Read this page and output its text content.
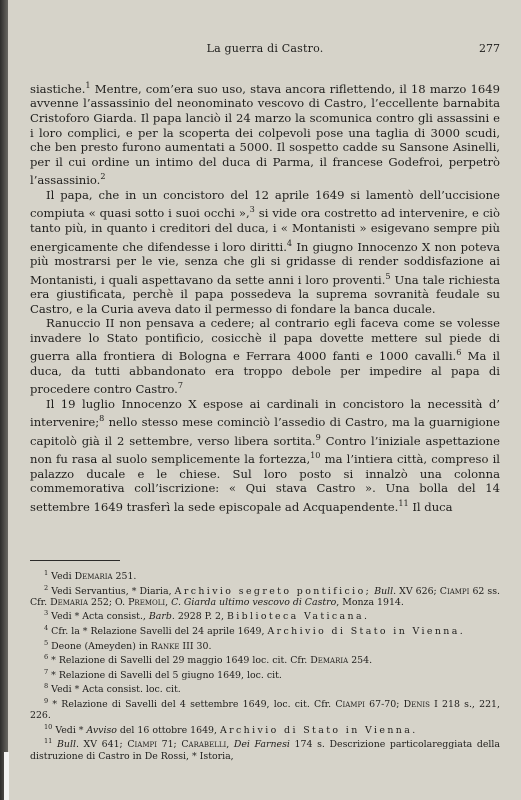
La guerra di Castro.	277

siastiche.$^1$ Mentre, com’era suo uso, stava ancora riflettendo, il 18 marzo 1649 avvenne l’assassinio del neonominato vescovo di Castro, l’eccellente barnabita Cristoforo Giarda. Il papa lanciò il 24 marzo la scomunica contro gli assassini e i loro complici, e per la scoperta dei colpevoli pose una taglia di 3000 scudi, che ben presto furono aumentati a 5000. Il sospetto cadde su Sansone Asinelli, per il cui ordine un intimo del duca di Parma, il francese Godefroi, perpetrò l’assassinio.$^2$

Il papa, che in un concistoro del 12 aprile 1649 si lamentò dell’uccisione compiuta « quasi sotto i suoi occhi »,$^3$ si vide ora costretto ad intervenire, e ciò tanto più, in quanto i creditori del duca, i « Montanisti » esigevano sempre più energicamente che difendesse i loro diritti.$^4$ In giugno Innocenzo X non poteva più mostrarsi per le vie, senza che gli si gridasse di render soddisfazione ai Montanisti, i quali aspettavano da sette anni i loro proventi.$^5$ Una tale richiesta era giustificata, perchè il papa possedeva la suprema sovranità feudale su Castro, e la Curia aveva dato il permesso di fondare la banca ducale.

Ranuccio II non pensava a cedere; al contrario egli faceva come se volesse invadere lo Stato pontificio, cosicchè il papa dovette mettere sul piede di guerra alla frontiera di Bologna e Ferrara 4000 fanti e 1000 cavalli.$^6$ Ma il duca, da tutti abbandonato era troppo debole per impedire al papa di procedere contro Castro.$^7$

Il 19 luglio Innocenzo X espose ai cardinali in concistoro la necessità d’ intervenire;$^8$ nello stesso mese cominciò l’assedio di Castro, ma la guarnigione capitolò già il 2 settembre, verso libera sortita.$^9$ Contro l’iniziale aspettazione non fu rasa al suolo semplicemente la fortezza,$^{10}$ ma l’intiera città, compreso il palazzo ducale e le chiese. Sul loro posto si innalzò una colonna commemorativa coll’iscrizione: « Qui stava Castro ». Una bolla del 14 settembre 1649 trasferì la sede episcopale ad Acquapendente.$^{11}$ Il duca

$^1$ Vedi Demaria 251.

$^2$ Vedi Servantius, * Diaria, Archivio segreto pontificio; Bull. XV 626; Ciampi 62 ss. Cfr. Demaria 252; O. Premoli, C. Giarda ultimo vescovo di Castro, Monza 1914.

$^3$ Vedi * Acta consist., Barb. 2928 P. 2, Biblioteca Vaticana.

$^4$ Cfr. la * Relazione Savelli del 24 aprile 1649, Archivio di Stato in Vienna.

$^5$ Deone (Ameyden) in Ranke III 30.

$^6$ * Relazione di Savelli del 29 maggio 1649 loc. cit. Cfr. Demaria 254.

$^7$ * Relazione di Savelli del 5 giugno 1649, loc. cit.

$^8$ Vedi * Acta consist. loc. cit.

$^9$ * Relazione di Savelli del 4 settembre 1649, loc. cit. Cfr. Ciampi 67-70; Denis I 218 s., 221, 226.

$^{10}$ Vedi * Avviso del 16 ottobre 1649, Archivio di Stato in Vienna.

$^{11}$ Bull. XV 641; Ciampi 71; Carabelli, Dei Farnesi 174 s. Descrizione particolareggiata della distruzione di Castro in De Rossi, * Istoria,
